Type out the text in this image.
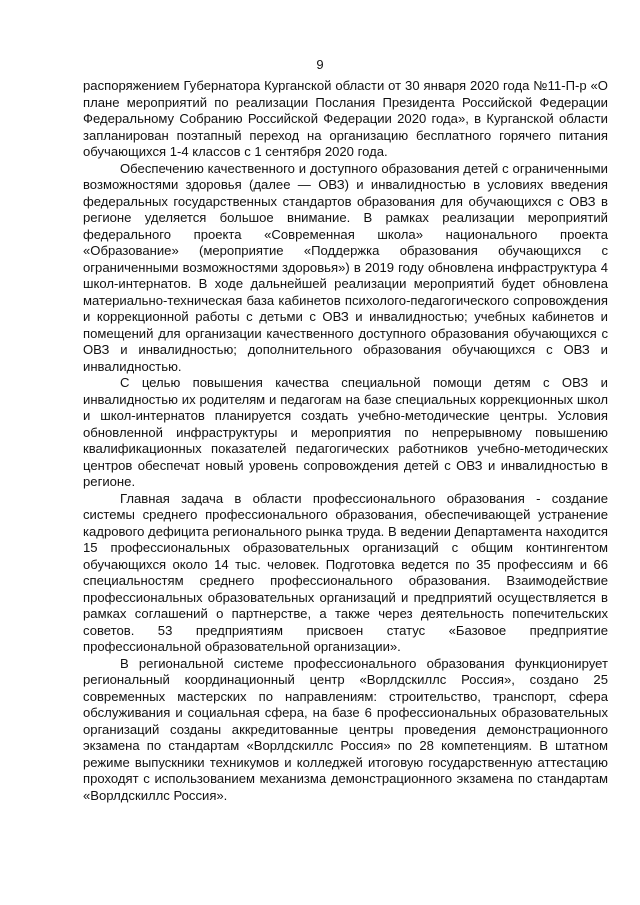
9

распоряжением Губернатора Курганской области от 30 января 2020 года №11-П-р «О плане мероприятий по реализации Послания Президента Российской Федерации Федеральному Собранию Российской Федерации 2020 года», в Курганской области запланирован поэтапный переход на организацию бесплатного горячего питания обучающихся 1-4 классов с 1 сентября 2020 года.

Обеспечению качественного и доступного образования детей с ограниченными возможностями здоровья (далее — ОВЗ) и инвалидностью в условиях введения федеральных государственных стандартов образования для обучающихся с ОВЗ в регионе уделяется большое внимание. В рамках реализации мероприятий федерального проекта «Современная школа» национального проекта «Образование» (мероприятие «Поддержка образования обучающихся с ограниченными возможностями здоровья») в 2019 году обновлена инфраструктура 4 школ-интернатов. В ходе дальнейшей реализации мероприятий будет обновлена материально-техническая база кабинетов психолого-педагогического сопровождения и коррекционной работы с детьми с ОВЗ и инвалидностью; учебных кабинетов и помещений для организации качественного доступного образования обучающихся с ОВЗ и инвалидностью; дополнительного образования обучающихся с ОВЗ и инвалидностью.

С целью повышения качества специальной помощи детям с ОВЗ и инвалидностью их родителям и педагогам на базе специальных коррекционных школ и школ-интернатов планируется создать учебно-методические центры. Условия обновленной инфраструктуры и мероприятия по непрерывному повышению квалификационных показателей педагогических работников учебно-методических центров обеспечат новый уровень сопровождения детей с ОВЗ и инвалидностью в регионе.

Главная задача в области профессионального образования - создание системы среднего профессионального образования, обеспечивающей устранение кадрового дефицита регионального рынка труда. В ведении Департамента находится 15 профессиональных образовательных организаций с общим контингентом обучающихся около 14 тыс. человек. Подготовка ведется по 35 профессиям и 66 специальностям среднего профессионального образования. Взаимодействие профессиональных образовательных организаций и предприятий осуществляется в рамках соглашений о партнерстве, а также через деятельность попечительских советов. 53 предприятиям присвоен статус «Базовое предприятие профессиональной образовательной организации».

В региональной системе профессионального образования функционирует региональный координационный центр «Ворлдскиллс Россия», создано 25 современных мастерских по направлениям: строительство, транспорт, сфера обслуживания и социальная сфера, на базе 6 профессиональных образовательных организаций созданы аккредитованные центры проведения демонстрационного экзамена по стандартам «Ворлдскиллс Россия» по 28 компетенциям. В штатном режиме выпускники техникумов и колледжей итоговую государственную аттестацию проходят с использованием механизма демонстрационного экзамена по стандартам «Ворлдскиллс Россия».
